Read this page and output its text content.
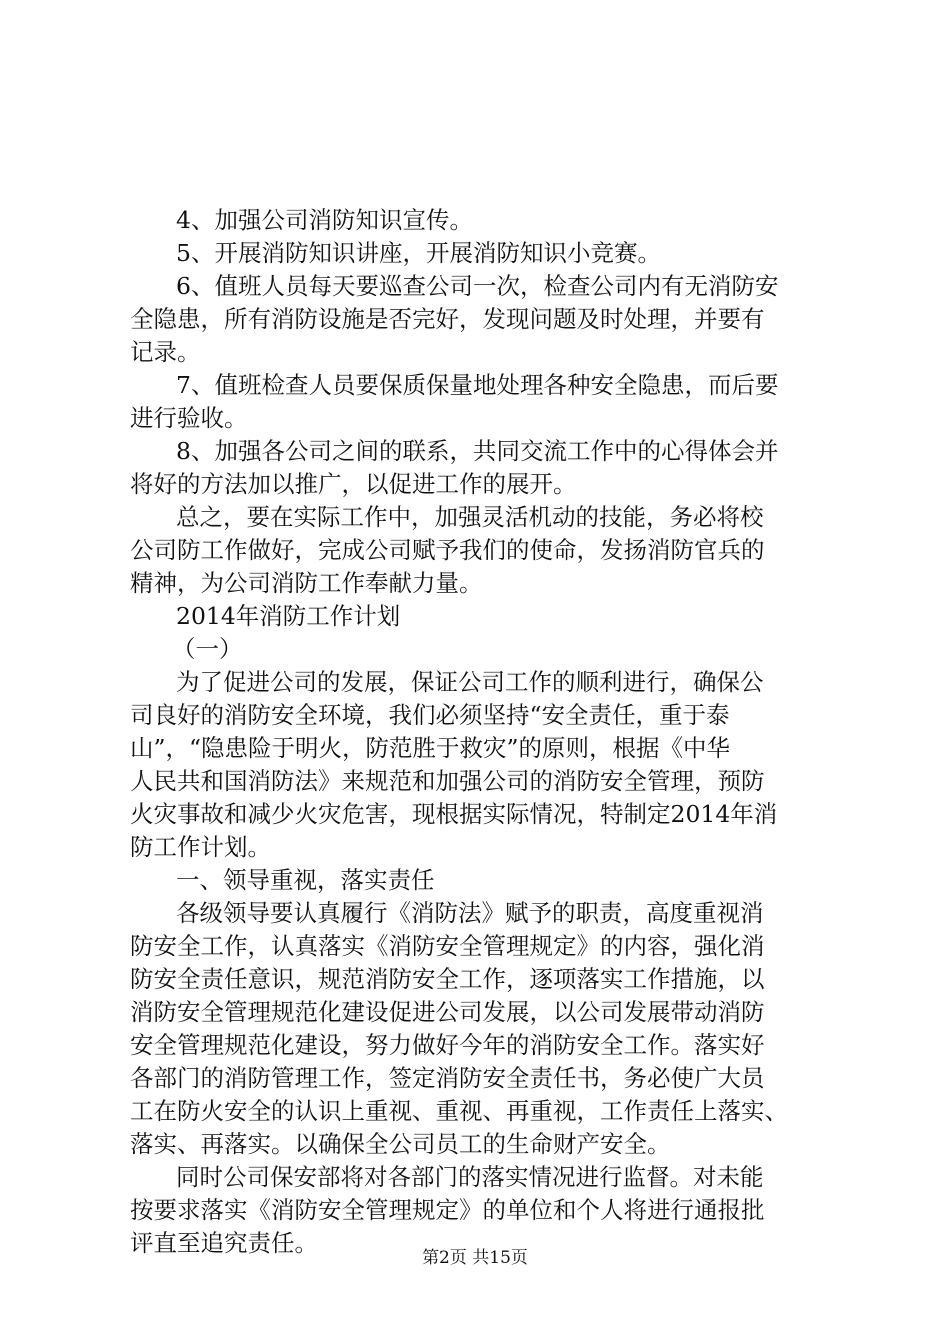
4、加强公司消防知识宣传。
5、开展消防知识讲座，开展消防知识小竞赛。
6、值班人员每天要巡查公司一次，检查公司内有无消防安
全隐患，所有消防设施是否完好，发现问题及时处理，并要有
记录。
7、值班检查人员要保质保量地处理各种安全隐患，而后要
进行验收。
8、加强各公司之间的联系，共同交流工作中的心得体会并
将好的方法加以推广，以促进工作的展开。
总之，要在实际工作中，加强灵活机动的技能，务必将校
公司防工作做好，完成公司赋予我们的使命，发扬消防官兵的
精神，为公司消防工作奉献力量。
2014年消防工作计划
（一）
为了促进公司的发展，保证公司工作的顺利进行，确保公
司良好的消防安全环境，我们必须坚持“安全责任，重于泰
山”，“隐患险于明火，防范胜于救灾”的原则，根据《中华
人民共和国消防法》来规范和加强公司的消防安全管理，预防
火灾事故和减少火灾危害，现根据实际情况，特制定2014年消
防工作计划。
一、领导重视，落实责任
各级领导要认真履行《消防法》赋予的职责，高度重视消
防安全工作，认真落实《消防安全管理规定》的内容，强化消
防安全责任意识，规范消防安全工作，逐项落实工作措施，以
消防安全管理规范化建设促进公司发展，以公司发展带动消防
安全管理规范化建设，努力做好今年的消防安全工作。落实好
各部门的消防管理工作，签定消防安全责任书，务必使广大员
工在防火安全的认识上重视、重视、再重视，工作责任上落实、
落实、再落实。以确保全公司员工的生命财产安全。
同时公司保安部将对各部门的落实情况进行监督。对未能
按要求落实《消防安全管理规定》的单位和个人将进行通报批
评直至追究责任。
第2页 共15页
